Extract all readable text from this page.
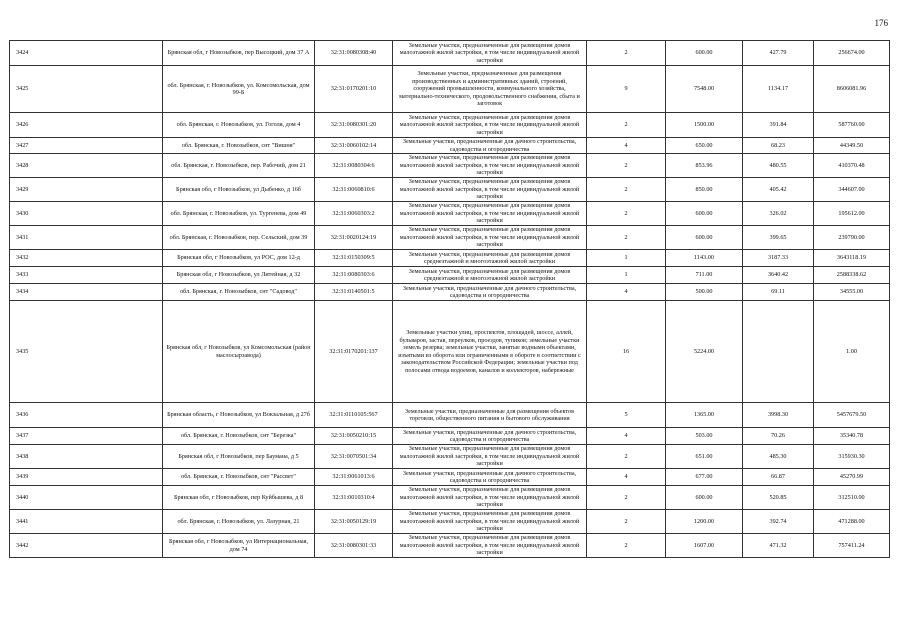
176
3424	Брянская обл, г Новозыбков, пер Высоцкий, дом 37 А	32:31:0080308:40	Земельные участки, предназначенные для размещения домов малоэтажной жилой застройки, в том числе индивидуальной жилой застройки	2	600.00	427.79	256674.00
3425	обл. Брянская, г. Новозыбков, ул. Комсомольская, дом 99-Б	32:31:0170201:10	Земельные участки, предназначенные для размещения производственных и административных зданий, строений, сооружений промышленности, коммунального хозяйства, материально-технического, продовольственного снабжения, сбыта и заготовок	9	7548.00	1134.17	8606081.96
3426	обл. Брянская, г. Новозыбков, ул. Гоголя, дом 4	32:31:0080301:20	Земельные участки, предназначенные для размещения домов малоэтажной жилой застройки, в том числе индивидуальной жилой застройки	2	1500.00	391.84	587760.00
3427	обл. Брянская, г. Новозыбков, снт "Вишня"	32:31:0060102:14	Земельные участки, предназначенные для дачного строительства, садоводства и огородничества	4	650.00	68.23	44349.50
3428	обл. Брянская, г. Новозыбков, пер. Рабочий, дом 21	32:31:0080304:6	Земельные участки, предназначенные для размещения домов малоэтажной жилой застройки, в том числе индивидуальной жилой застройки	2	853.96	480.55	410370.48
3429	Брянская обл, г Новозыбков, ул Дыбенко, д 16б	32:31:0060810:6	Земельные участки, предназначенные для размещения домов малоэтажной жилой застройки, в том числе индивидуальной жилой застройки	2	850.00	405.42	344607.00
3430	обл. Брянская, г. Новозыбков, ул. Тургенева, дом 49	32:31:0060303:2	Земельные участки, предназначенные для размещения домов малоэтажной жилой застройки, в том числе индивидуальной жилой застройки	2	600.00	326.02	195612.00
3431	обл. Брянская, г. Новозыбков, пер. Сельский, дом 39	32:31:0020124:19	Земельные участки, предназначенные для размещения домов малоэтажной жилой застройки, в том числе индивидуальной жилой застройки	2	600.00	399.65	239790.00
3432	Брянская обл, г Новозыбков, ул РОС, дом 12-д	32:31:0150309:5	Земельные участки, предназначенные для размещения домов среднеэтажной и многоэтажной жилой застройки	1	1143.00	3187.33	3643118.19
3433	Брянская обл, г Новозыбков, ул Литейная, д 32	32:31:0080303:6	Земельные участки, предназначенные для размещения домов среднеэтажной и многоэтажной жилой застройки	1	711.00	3640.42	2588338.62
3434	обл. Брянская, г. Новозыбков, снт "Садовод"	32:31:0140501:5	Земельные участки, предназначенные для дачного строительства, садоводства и огородничества	4	500.00	69.11	34555.00
3435	Брянская обл, г Новозыбков, ул Комсомольская (район маслосырзавода)	32:31:0170201:137	Земельные участки улиц, проспектов, площадей, шоссе, аллей, бульваров, застав, переулков, проездов, тупиков; земельные участки земель резерва; земельные участки, занятые водными объектами, изъятыми из оборота или ограниченными в обороте в соответствии с законодательством Российской Федерации; земельные участки под полосами отвода водоемов, каналов и коллекторов, набережные	16	5224.00		1.00
3436	Брянская область, г Новозыбков, ул Вокзальная, д 27б	32:31:0110105:567	Земельные участки, предназначенные для размещения объектов торговли, общественного питания и бытового обслуживания	5	1365.00	3998.30	5457679.50
3437	обл. Брянская, г. Новозыбков, снт "Березка"	32:31:0050210:15	Земельные участки, предназначенные для дачного строительства, садоводства и огородничества	4	503.00	70.26	35340.78
3438	Брянская обл, г Новозыбков, пер Баумана, д 5	32:31:0070501:34	Земельные участки, предназначенные для размещения домов малоэтажной жилой застройки, в том числе индивидуальной жилой застройки	2	651.00	485.30	315930.30
3439	обл. Брянская, г. Новозыбков, снт "Рассвет"	32:31:0061013:6	Земельные участки, предназначенные для дачного строительства, садоводства и огородничества	4	677.00	66.87	45270.99
3440	Брянская обл, г Новозыбков, пер Куйбышева, д 8	32:31:0010310:4	Земельные участки, предназначенные для размещения домов малоэтажной жилой застройки, в том числе индивидуальной жилой застройки	2	600.00	520.85	312510.00
3441	обл. Брянская, г. Новозыбков, ул. Лазурная, 21	32:31:0050129:19	Земельные участки, предназначенные для размещения домов малоэтажной жилой застройки, в том числе индивидуальной жилой застройки	2	1200.00	392.74	471288.00
3442	Брянская обл, г Новозыбков, ул Интернациональная, дом 74	32:31:0080301:33	Земельные участки, предназначенные для размещения домов малоэтажной жилой застройки, в том числе индивидуальной жилой застройки	2	1607.00	471.32	757411.24
